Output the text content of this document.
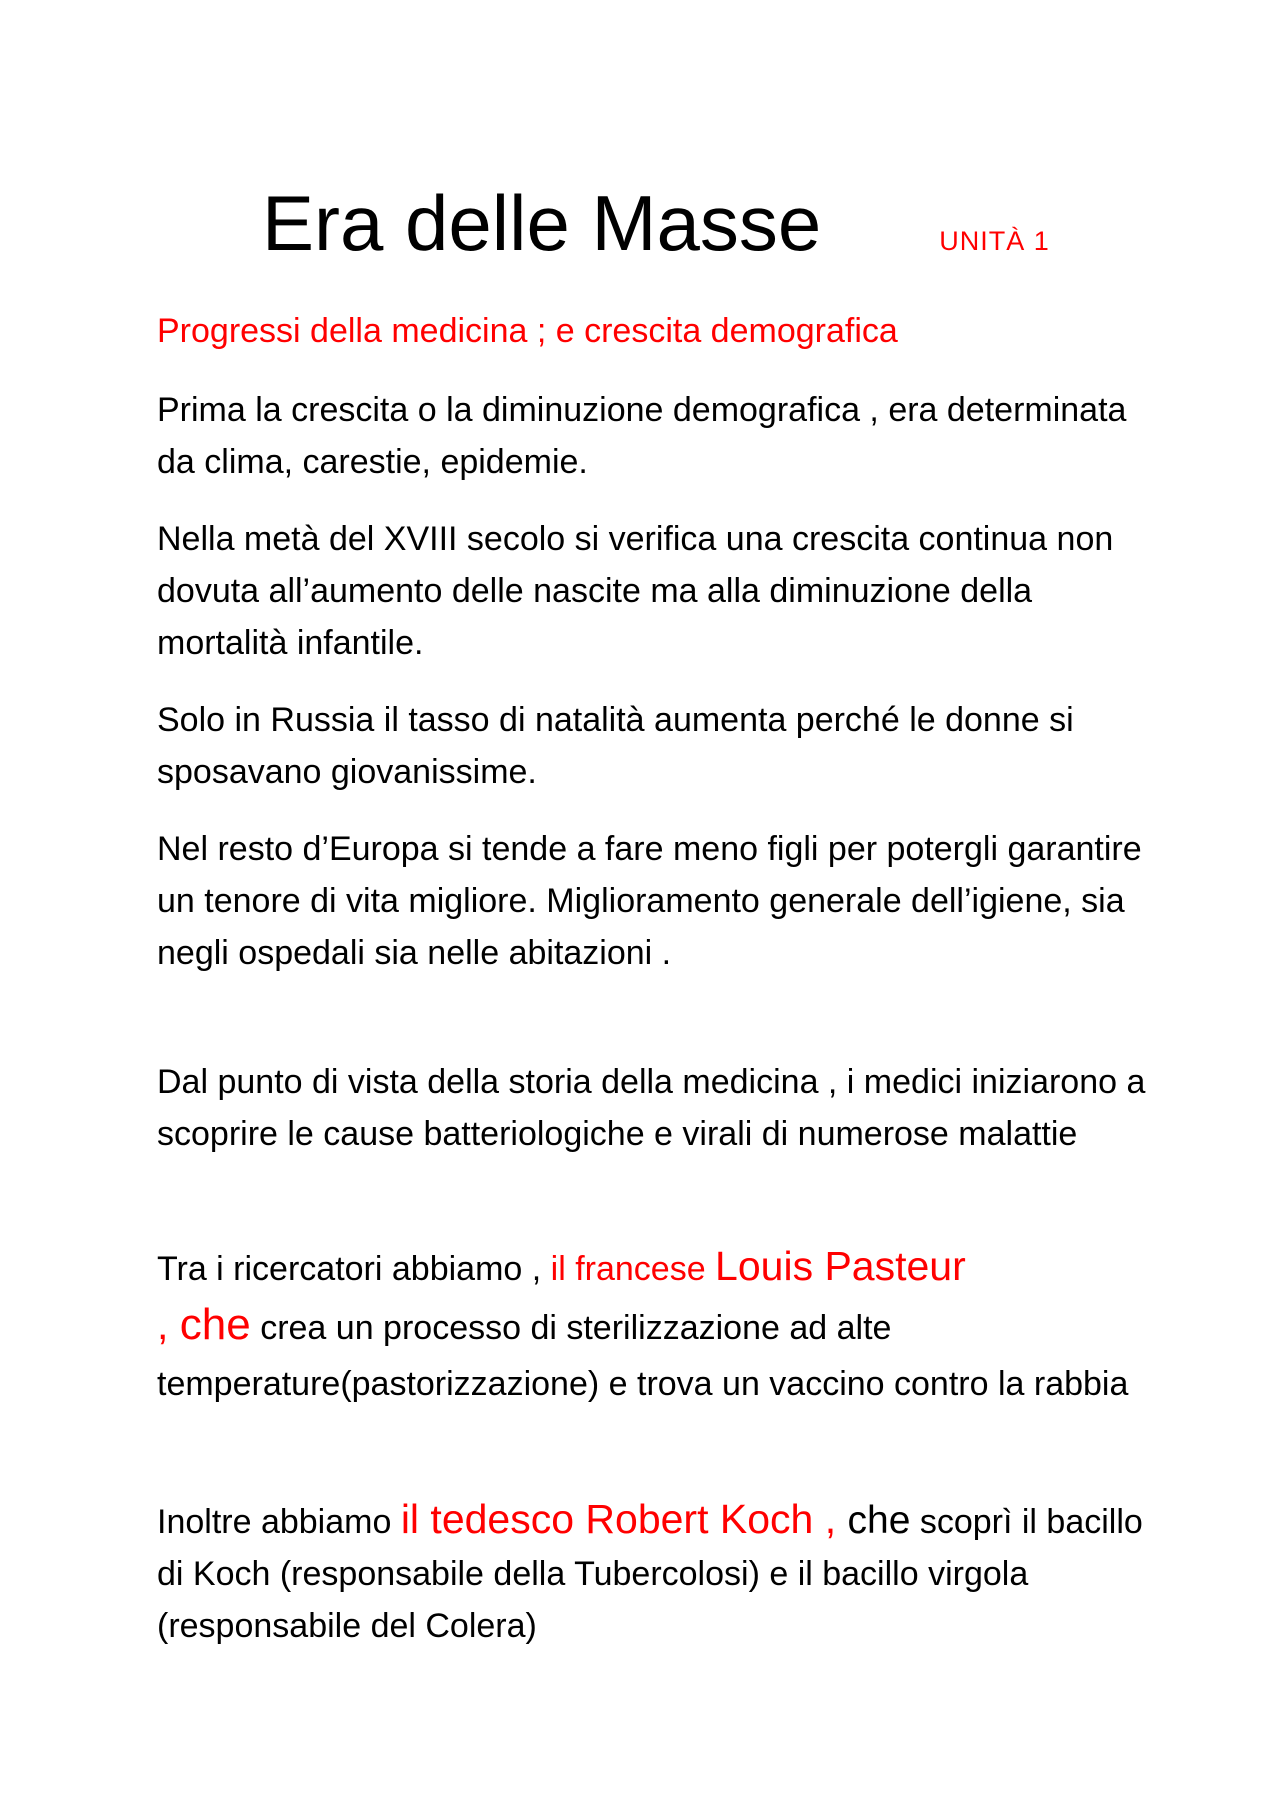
Era delle Masse	UNITÀ 1
Progressi della medicina ; e crescita demografica
Prima la crescita o la diminuzione demografica , era determinata da clima, carestie, epidemie.
Nella metà del XVIII secolo si verifica una crescita continua non dovuta all’aumento delle nascite ma alla diminuzione della mortalità infantile.
Solo in Russia il tasso di natalità aumenta perché le donne si sposavano giovanissime.
Nel resto d’Europa si tende a fare meno figli per potergli garantire un tenore di vita migliore. Miglioramento generale dell’igiene, sia negli ospedali sia nelle abitazioni .
Dal punto di vista della storia della medicina , i medici iniziarono a scoprire le cause batteriologiche e virali di numerose malattie
Tra i ricercatori abbiamo , il francese Louis Pasteur
, che crea un processo di sterilizzazione ad alte temperature(pastorizzazione) e trova un vaccino contro la rabbia
Inoltre abbiamo il tedesco Robert Koch , che scoprì il bacillo di Koch (responsabile della Tubercolosi) e il bacillo virgola (responsabile del Colera)
